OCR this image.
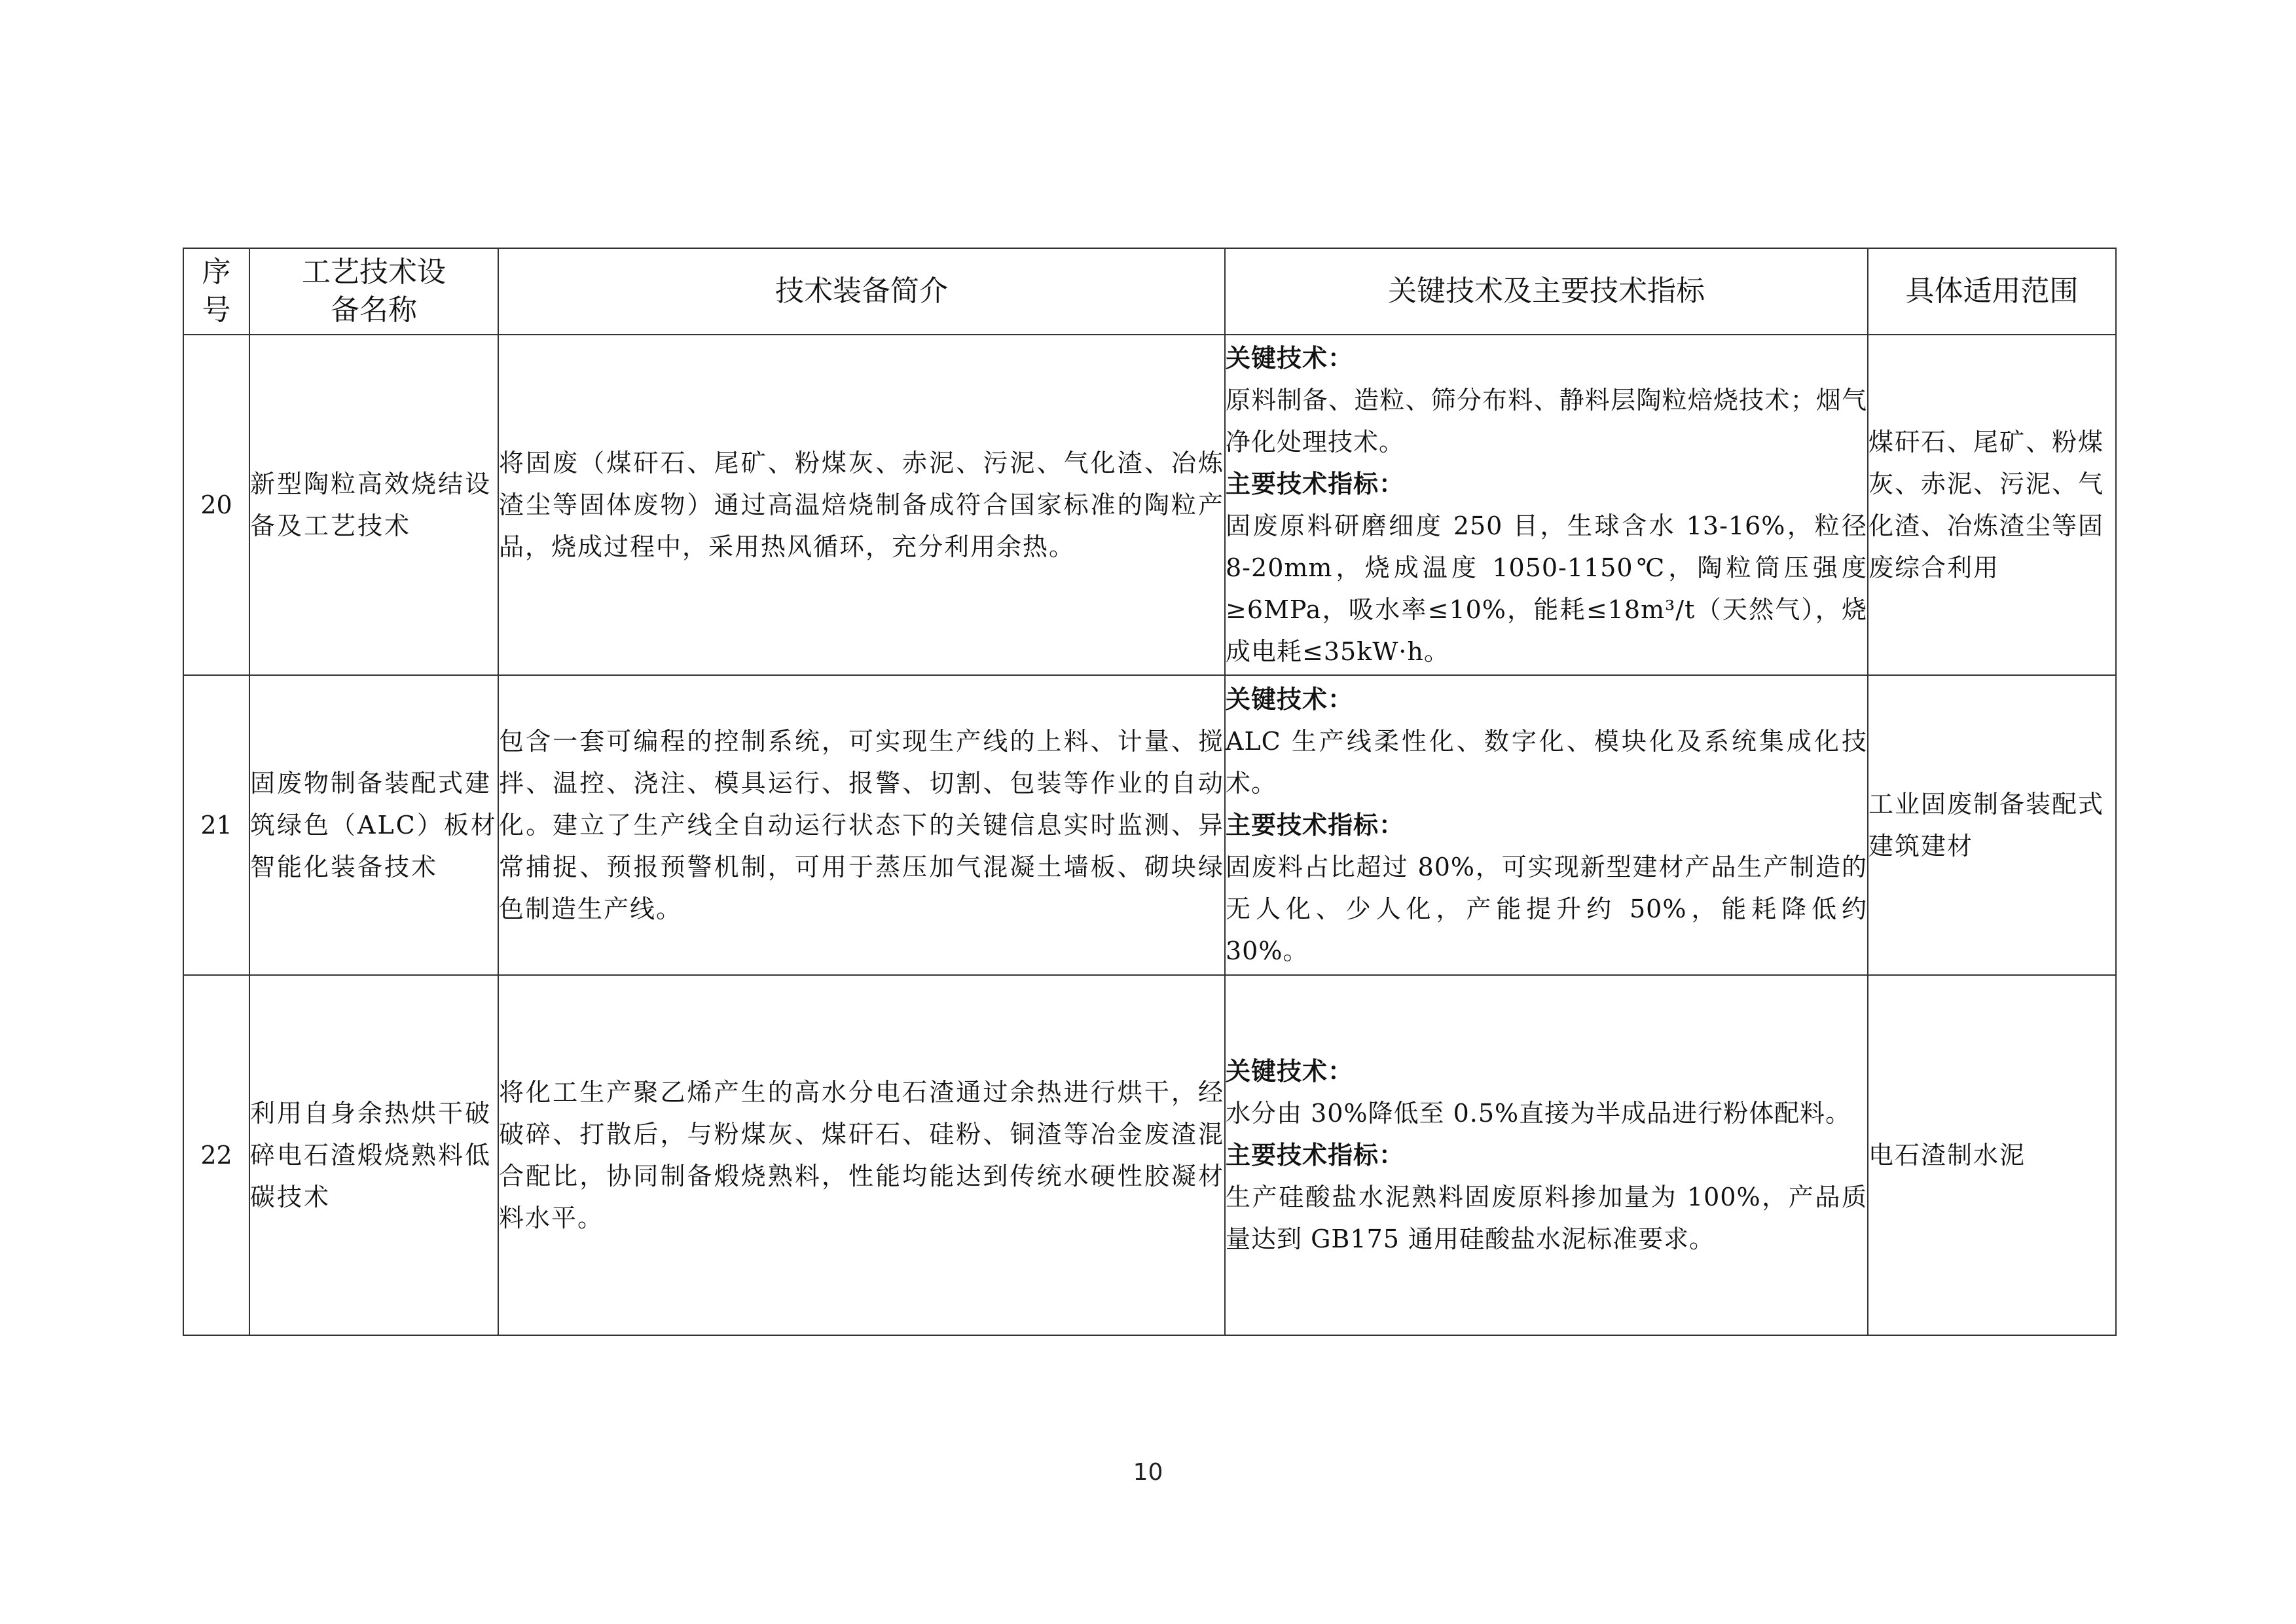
序号	工艺技术设备名称	技术装备简介	关键技术及主要技术指标	具体适用范围
20	新型陶粒高效烧结设备及工艺技术	将固废（煤矸石、尾矿、粉煤灰、赤泥、污泥、气化渣、冶炼渣尘等固体废物）通过高温焙烧制备成符合国家标准的陶粒产品，烧成过程中，采用热风循环，充分利用余热。	关键技术：
原料制备、造粒、筛分布料、静料层陶粒焙烧技术；烟气净化处理技术。
主要技术指标：
固废原料研磨细度 250 目，生球含水 13-16%，粒径 8-20mm，烧成温度 1050-1150℃，陶粒筒压强度≥6MPa，吸水率≤10%，能耗≤18m³/t（天然气），烧成电耗≤35kW·h。	煤矸石、尾矿、粉煤灰、赤泥、污泥、气化渣、冶炼渣尘等固废综合利用
21	固废物制备装配式建筑绿色（ALC）板材智能化装备技术	包含一套可编程的控制系统，可实现生产线的上料、计量、搅拌、温控、浇注、模具运行、报警、切割、包装等作业的自动化。建立了生产线全自动运行状态下的关键信息实时监测、异常捕捉、预报预警机制，可用于蒸压加气混凝土墙板、砌块绿色制造生产线。	关键技术：
ALC 生产线柔性化、数字化、模块化及系统集成化技术。
主要技术指标：
固废料占比超过 80%，可实现新型建材产品生产制造的无人化、少人化，产能提升约 50%，能耗降低约 30%。	工业固废制备装配式建筑建材
22	利用自身余热烘干破碎电石渣煅烧熟料低碳技术	将化工生产聚乙烯产生的高水分电石渣通过余热进行烘干，经破碎、打散后，与粉煤灰、煤矸石、硅粉、铜渣等冶金废渣混合配比，协同制备煅烧熟料，性能均能达到传统水硬性胶凝材料水平。	关键技术：
水分由 30%降低至 0.5%直接为半成品进行粉体配料。
主要技术指标：
生产硅酸盐水泥熟料固废原料掺加量为 100%，产品质量达到 GB175 通用硅酸盐水泥标准要求。	电石渣制水泥
10
